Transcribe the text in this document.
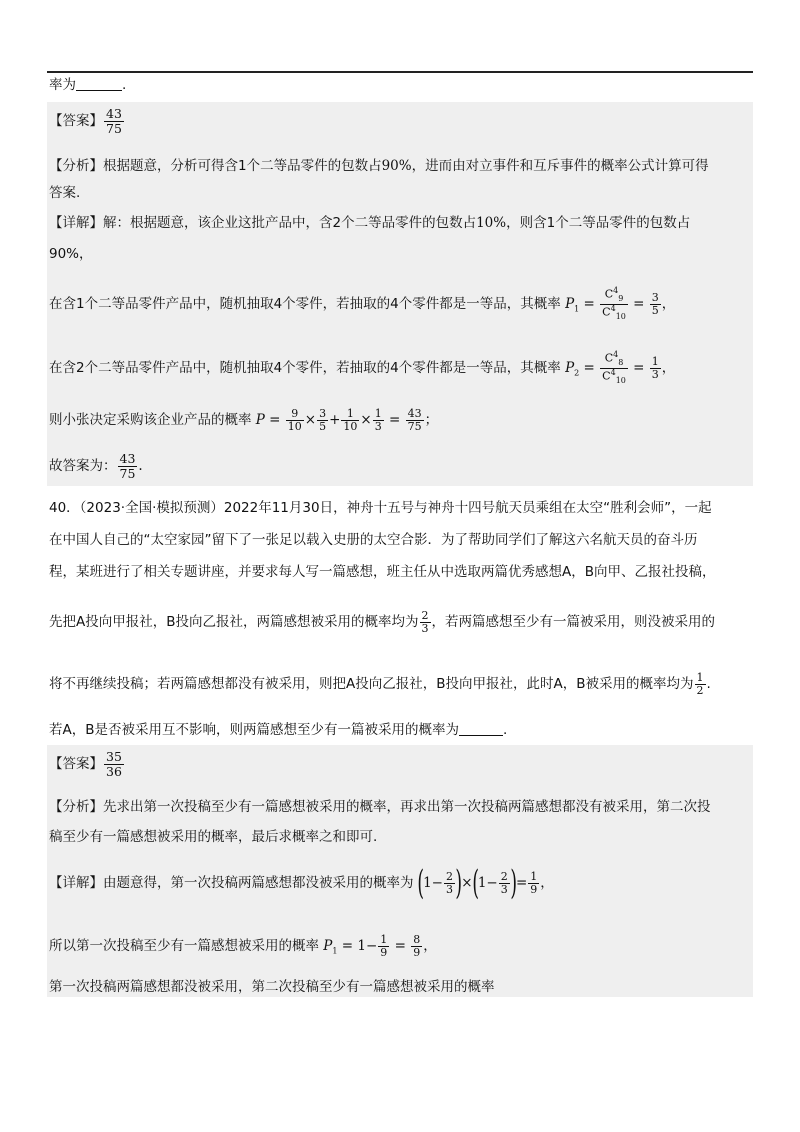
率为	.
【答案】 $\frac{43}{75}$
【分析】根据题意，分析可得含1个二等品零件的包数占90%，进而由对立事件和互斥事件的概率公式计算可得
答案.
【详解】解：根据题意，该企业这批产品中，含2个二等品零件的包数占10%，则含1个二等品零件的包数占
90%，
在含1个二等品零件产品中，随机抽取4个零件，若抽取的4个零件都是一等品，其概率 $P_1 = \frac{C^4_9}{C^4_{10}} = \frac{3}{5}$ ，
在含2个二等品零件产品中，随机抽取4个零件，若抽取的4个零件都是一等品，其概率 $P_2 = \frac{C^4_8}{C^4_{10}} = \frac{1}{3}$ ，
则小张决定采购该企业产品的概率 $P = \frac{9}{10} \times \frac{3}{5} + \frac{1}{10} \times \frac{1}{3} = \frac{43}{75}$ ；
故答案为： $\frac{43}{75}$ .
40．（2023·全国·模拟预测）2022年11月30日，神舟十五号与神舟十四号航天员乘组在太空“胜利会师”，一起
在中国人自己的“太空家园”留下了一张足以载入史册的太空合影．为了帮助同学们了解这六名航天员的奋斗历
程，某班进行了相关专题讲座，并要求每人写一篇感想，班主任从中选取两篇优秀感想A，B向甲、乙报社投稿，
先把A投向甲报社，B投向乙报社，两篇感想被采用的概率均为 $\frac{2}{3}$ ，若两篇感想至少有一篇被采用，则没被采用的
将不再继续投稿；若两篇感想都没有被采用，则把A投向乙报社，B投向甲报社，此时A，B被采用的概率均为 $\frac{1}{2}$ .
若A，B是否被采用互不影响，则两篇感想至少有一篇被采用的概率为	.
【答案】 $\frac{35}{36}$
【分析】先求出第一次投稿至少有一篇感想被采用的概率，再求出第一次投稿两篇感想都没有被采用，第二次投
稿至少有一篇感想被采用的概率，最后求概率之和即可.
【详解】由题意得，第一次投稿两篇感想都没被采用的概率为 $(1- \frac{2}{3} )\times(1- \frac{2}{3}$ )= $\frac{1}{9}$ ，
所以第一次投稿至少有一篇感想被采用的概率 $P_1 = 1- \frac{1}{9} = \frac{8}{9}$ ，
第一次投稿两篇感想都没被采用，第二次投稿至少有一篇感想被采用的概率
